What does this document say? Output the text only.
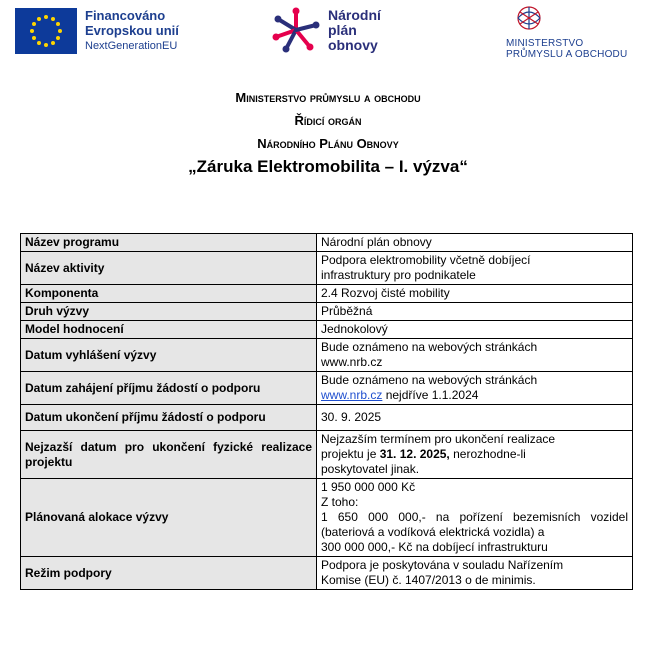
Financováno
Evropskou unií
NextGenerationEU
Národní
plán
obnovy	MINISTERSTVO
PRŮMYSLU A OBCHODU
Ministerstvo průmyslu a obchodu
Řídicí orgán
Národního Plánu Obnovy
„Záruka Elektromobilita – I. výzva“
Název programu	Národní plán obnovy
Název aktivity	Podpora elektromobility včetně dobíjecí
infrastruktury pro podnikatele
Komponenta	2.4 Rozvoj čisté mobility
Druh výzvy	Průběžná
Model hodnocení	Jednokolový
Datum vyhlášení výzvy	Bude oznámeno na webových stránkách
www.nrb.cz
Datum zahájení příjmu žádostí o podporu	Bude oznámeno na webových stránkách
www.nrb.cz nejdříve 1.1.2024
Datum ukončení příjmu žádostí o podporu	30. 9. 2025
Nejzazší datum pro ukončení fyzické realizace projektu	Nejzazším termínem pro ukončení realizace
projektu je 31. 12. 2025, nerozhodne-li
poskytovatel jinak.
Plánovaná alokace výzvy	1 950 000 000 Kč
Z toho:
1 650 000 000,- na pořízení bezemisních vozidel
(bateriová a vodíková elektrická vozidla) a
300 000 000,- Kč na dobíjecí infrastrukturu

Režim podpory	Podpora je poskytována v souladu Nařízením
Komise (EU) č. 1407/2013 o de minimis.
